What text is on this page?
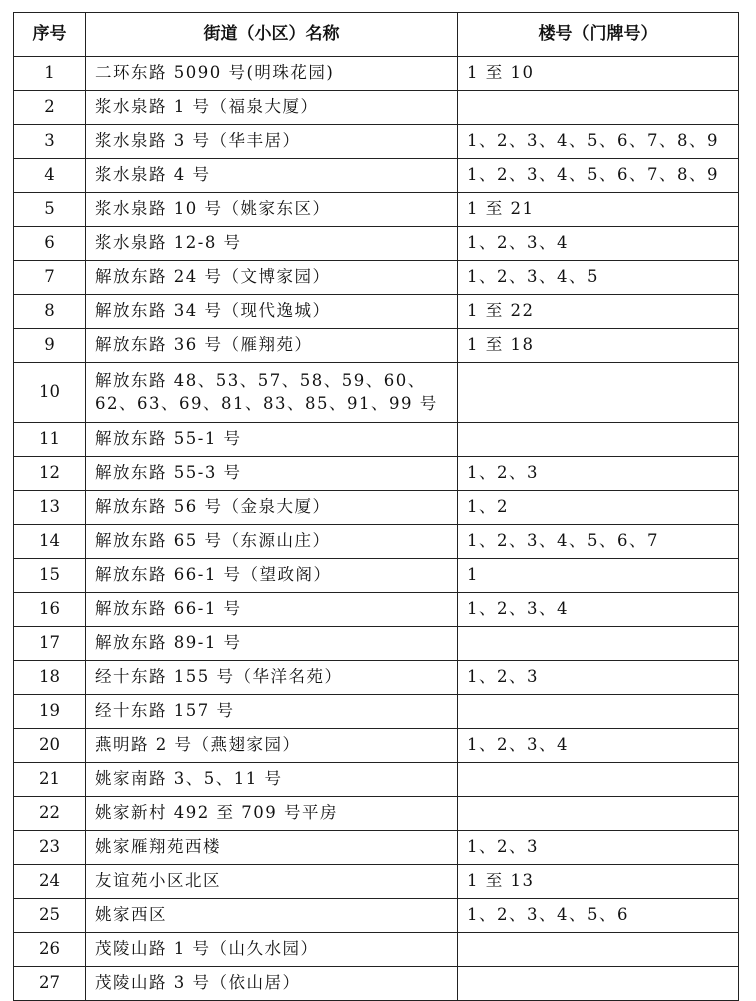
序号	街道（小区）名称	楼号（门牌号）
1	二环东路 5090 号(明珠花园)	1 至 10
2	浆水泉路 1 号（福泉大厦）	
3	浆水泉路 3 号（华丰居）	1、2、3、4、5、6、7、8、9
4	浆水泉路 4 号	1、2、3、4、5、6、7、8、9
5	浆水泉路 10 号（姚家东区）	1 至 21
6	浆水泉路 12-8 号	1、2、3、4
7	解放东路 24 号（文博家园）	1、2、3、4、5
8	解放东路 34 号（现代逸城）	1 至 22
9	解放东路 36 号（雁翔苑）	1 至 18
10	解放东路 48、53、57、58、59、60、62、63、69、81、83、85、91、99 号	
11	解放东路 55-1 号	
12	解放东路 55-3 号	1、2、3
13	解放东路 56 号（金泉大厦）	1、2
14	解放东路 65 号（东源山庄）	1、2、3、4、5、6、7
15	解放东路 66-1 号（望政阁）	1
16	解放东路 66-1 号	1、2、3、4
17	解放东路 89-1 号	
18	经十东路 155 号（华洋名苑）	1、2、3
19	经十东路 157 号	
20	燕明路 2 号（燕翅家园）	1、2、3、4
21	姚家南路 3、5、11 号	
22	姚家新村 492 至 709 号平房	
23	姚家雁翔苑西楼	1、2、3
24	友谊苑小区北区	1 至 13
25	姚家西区	1、2、3、4、5、6
26	茂陵山路 1 号（山久水园）	
27	茂陵山路 3 号（依山居）	
